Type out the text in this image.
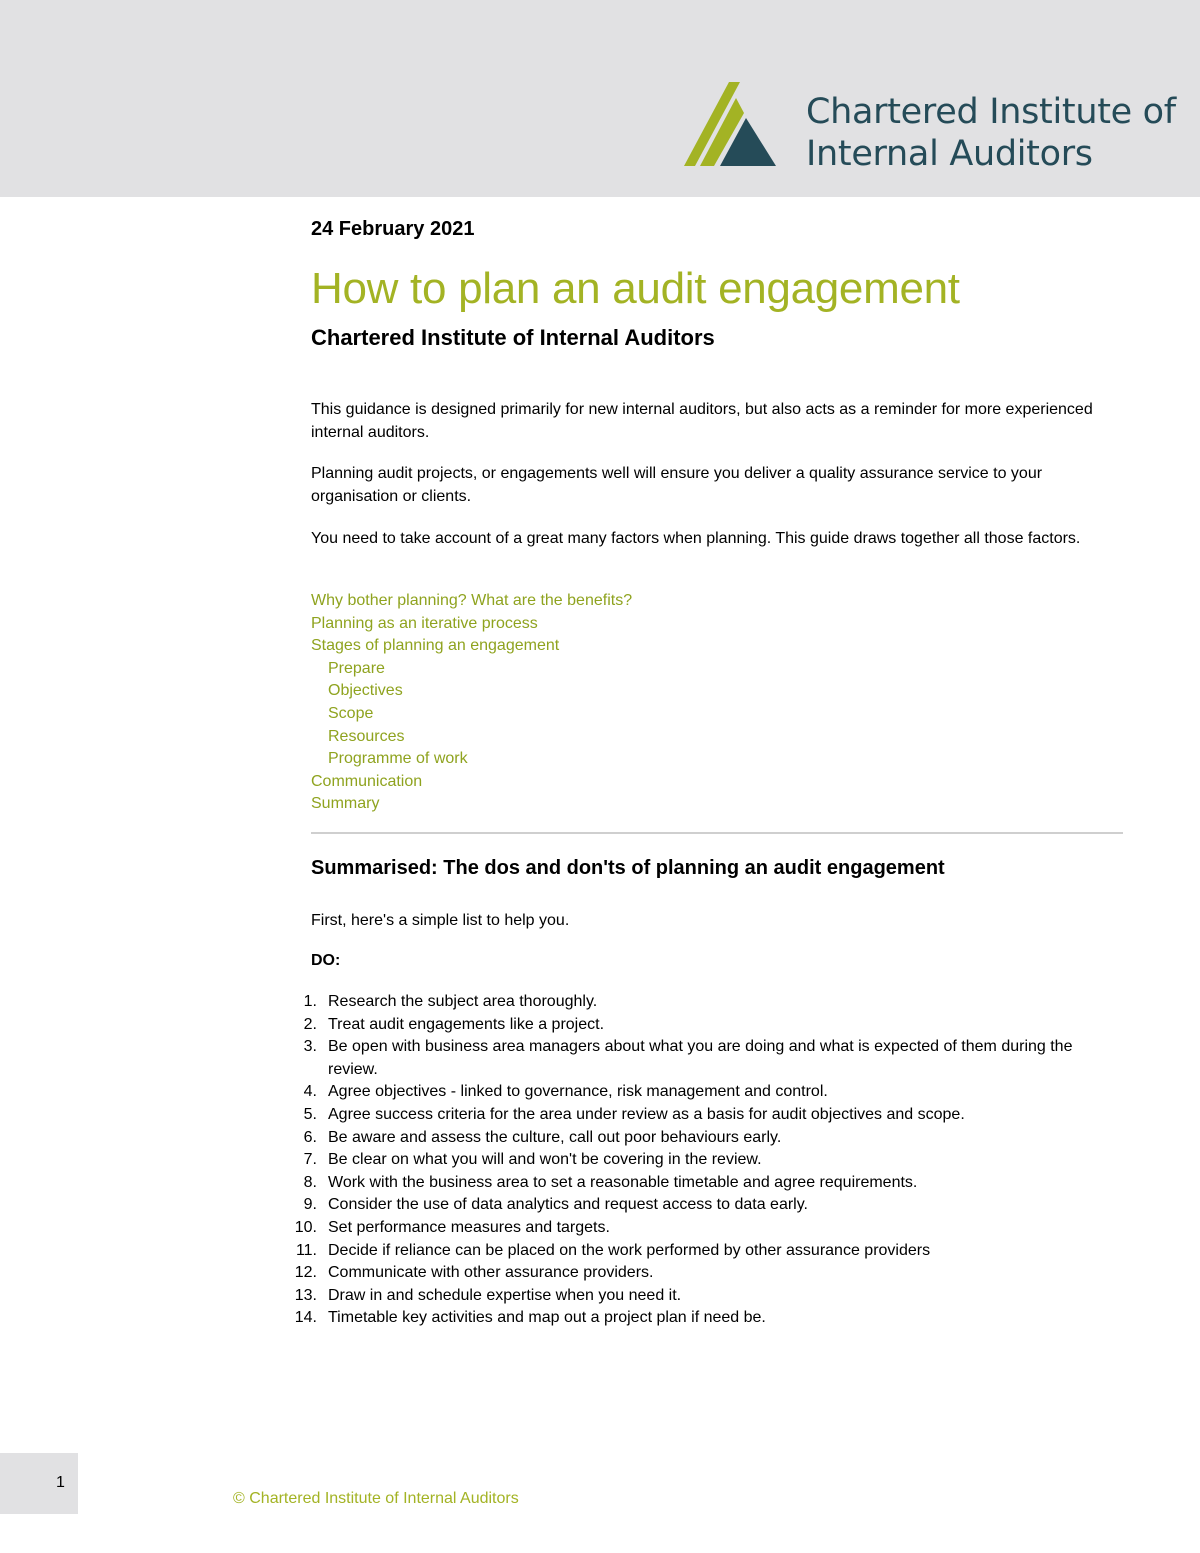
Chartered Institute of
Internal Auditors
24 February 2021
How to plan an audit engagement
Chartered Institute of Internal Auditors

This guidance is designed primarily for new internal auditors, but also acts as a reminder for more experienced internal auditors.

Planning audit projects, or engagements well will ensure you deliver a quality assurance service to your organisation or clients.

You need to take account of a great many factors when planning. This guide draws together all those factors.

Why bother planning? What are the benefits?
Planning as an iterative process
Stages of planning an engagement
Prepare
Objectives
Scope
Resources
Programme of work
Communication
Summary
Summarised: The dos and don'ts of planning an audit engagement

First, here's a simple list to help you.

DO:
1. Research the subject area thoroughly.
2. Treat audit engagements like a project.
3. Be open with business area managers about what you are doing and what is expected of them during the review.
4. Agree objectives - linked to governance, risk management and control.
5. Agree success criteria for the area under review as a basis for audit objectives and scope.
6. Be aware and assess the culture, call out poor behaviours early.
7. Be clear on what you will and won't be covering in the review.
8. Work with the business area to set a reasonable timetable and agree requirements.
9. Consider the use of data analytics and request access to data early.
10. Set performance measures and targets.
11. Decide if reliance can be placed on the work performed by other assurance providers
12. Communicate with other assurance providers.
13. Draw in and schedule expertise when you need it.
14. Timetable key activities and map out a project plan if need be.
1
© Chartered Institute of Internal Auditors
